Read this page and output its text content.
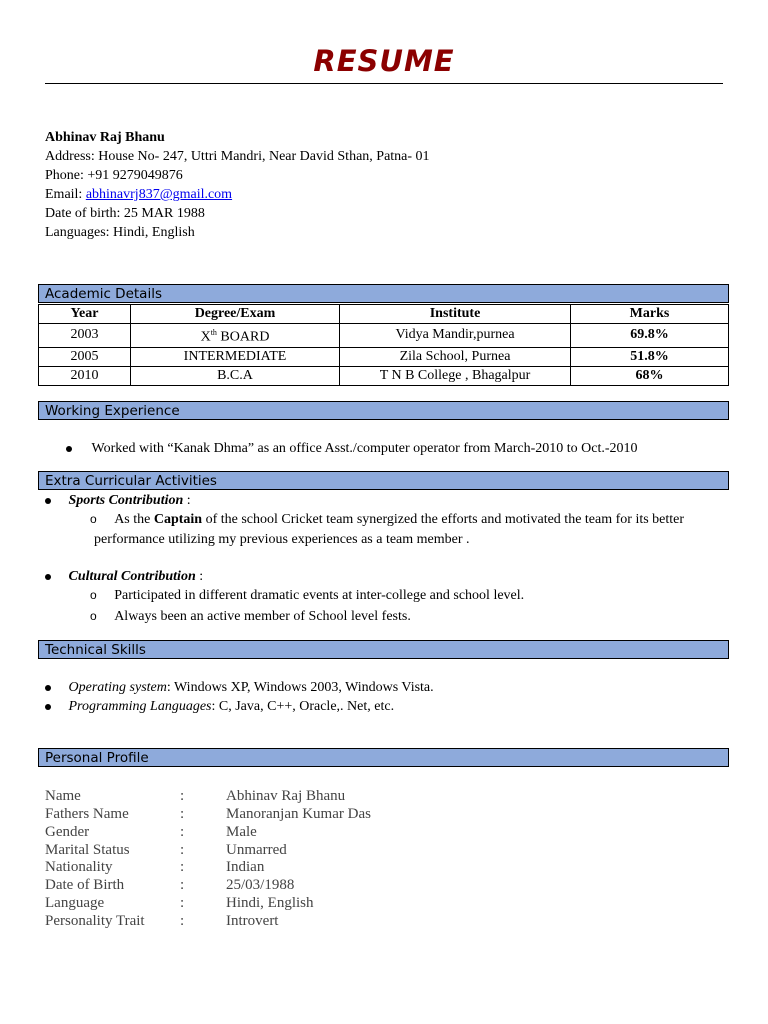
RESUME
Abhinav Raj Bhanu
Address: House No- 247, Uttri Mandri, Near David Sthan, Patna- 01
Phone: +91 9279049876
Email: abhinavrj837@gmail.com
Date of birth: 25 MAR 1988
Languages: Hindi, English
Academic Details
Year	Degree/Exam	Institute	Marks
2003	Xth BOARD	Vidya Mandir,purnea	69.8%
2005	INTERMEDIATE	Zila School, Purnea	51.8%
2010	B.C.A	T N B College , Bhagalpur	68%
Working Experience
Worked with “Kanak Dhma” as an office Asst./computer operator from March-2010 to Oct.-2010
Extra Curricular Activities
Sports Contribution :
o As the Captain of the school Cricket team synergized the efforts and motivated the team for its better
performance utilizing my previous experiences as a team member .
Cultural Contribution :
o Participated in different dramatic events at inter-college and school level.
o Always been an active member of School level fests.
Technical Skills
Operating system: Windows XP, Windows 2003, Windows Vista.
Programming Languages: C, Java, C++, Oracle,. Net, etc.
Personal Profile
Name	:	Abhinav Raj Bhanu
Fathers Name	:	Manoranjan Kumar Das
Gender	:	Male
Marital Status	:	Unmarred
Nationality	:	Indian
Date of Birth	:	25/03/1988
Language	:	Hindi, English
Personality Trait :	Introvert
